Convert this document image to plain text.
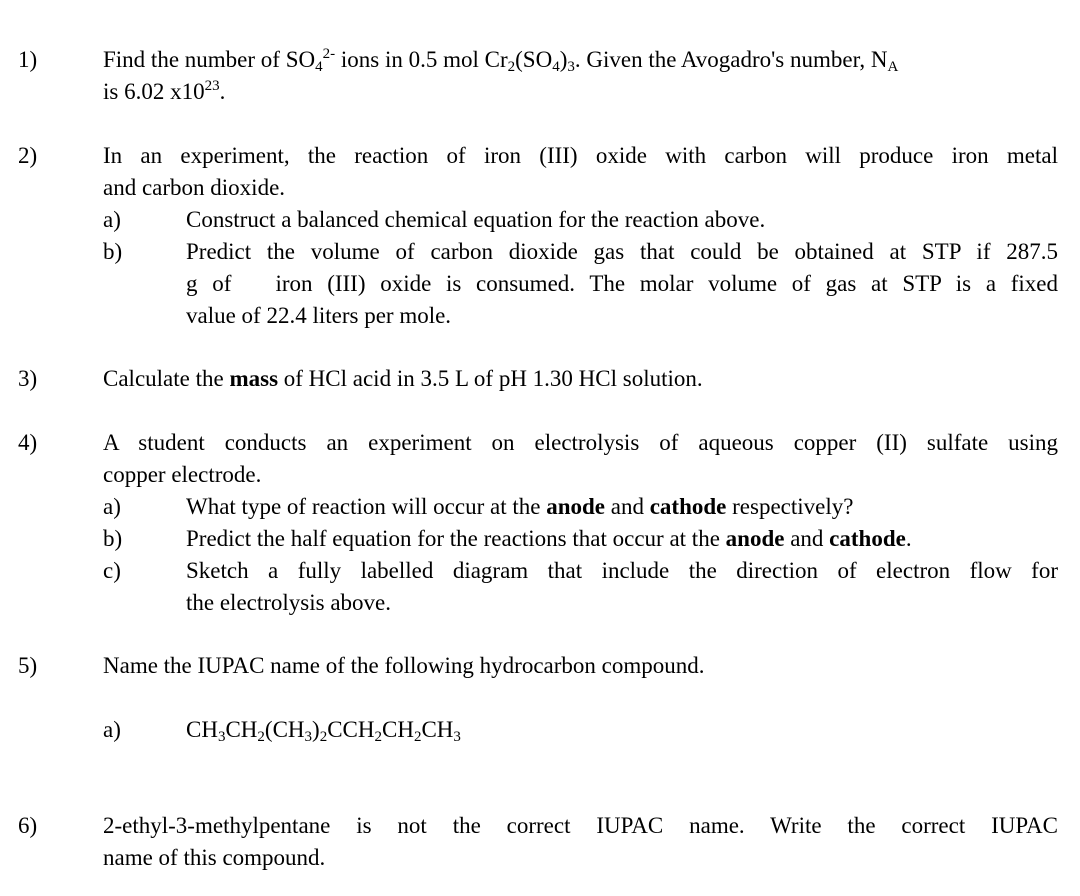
1)	Find the number of $SO_4^{2-}$ ions in 0.5 mol $Cr_2(SO_4)_3$. Given the Avogadro's number, $N_A$
is 6.02 $x10^{23}$.
2)	In an experiment, the reaction of iron (III) oxide with carbon will produce iron metal
and carbon dioxide.
a)	Construct a balanced chemical equation for the reaction above.
b)	Predict the volume of carbon dioxide gas that could be obtained at STP if 287.5
g of   iron (III) oxide is consumed. The molar volume of gas at STP is a fixed
value of 22.4 liters per mole.
3)	Calculate the mass of HCl acid in 3.5 L of pH 1.30 HCl solution.
4)	A student conducts an experiment on electrolysis of aqueous copper (II) sulfate using
copper electrode.
a)	What type of reaction will occur at the anode and cathode respectively?
b)	Predict the half equation for the reactions that occur at the anode and cathode.
c)	Sketch a fully labelled diagram that include the direction of electron flow for
the electrolysis above.
5)	Name the IUPAC name of the following hydrocarbon compound.
a)	$CH_3CH_2(CH_3)_2CCH_2CH_2CH_3$
6)	2-ethyl-3-methylpentane is not the correct IUPAC name. Write the correct IUPAC
name of this compound.
